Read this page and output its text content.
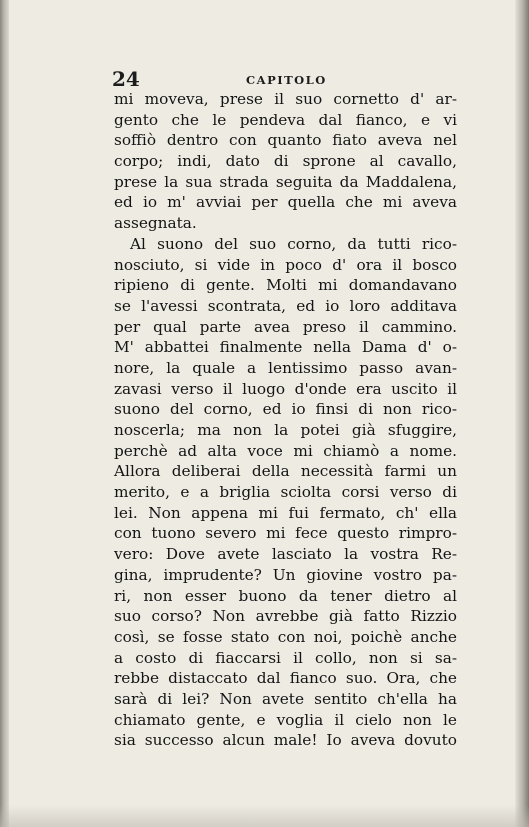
24	CAPITOLO
mi moveva, prese il suo cornetto d' ar-
gento che le pendeva dal fianco, e vi
soffiò dentro con quanto fiato aveva nel
corpo; indi, dato di sprone al cavallo,
prese la sua strada seguita da Maddalena,
ed io m' avviai per quella che mi aveva
assegnata.
Al suono del suo corno, da tutti rico-
nosciuto, si vide in poco d' ora il bosco
ripieno di gente. Molti mi domandavano
se l'avessi scontrata, ed io loro additava
per qual parte avea preso il cammino.
M' abbattei finalmente nella Dama d' o-
nore, la quale a lentissimo passo avan-
zavasi verso il luogo d'onde era uscito il
suono del corno, ed io finsi di non rico-
noscerla; ma non la potei già sfuggire,
perchè ad alta voce mi chiamò a nome.
Allora deliberai della necessità farmi un
merito, e a briglia sciolta corsi verso di
lei. Non appena mi fui fermato, ch' ella
con tuono severo mi fece questo rimpro-
vero: Dove avete lasciato la vostra Re-
gina, imprudente? Un giovine vostro pa-
ri, non esser buono da tener dietro al
suo corso? Non avrebbe già fatto Rizzio
così, se fosse stato con noi, poichè anche
a costo di fiaccarsi il collo, non si sa-
rebbe distaccato dal fianco suo. Ora, che
sarà di lei? Non avete sentito ch'ella ha
chiamato gente, e voglia il cielo non le
sia successo alcun male! Io aveva dovuto
